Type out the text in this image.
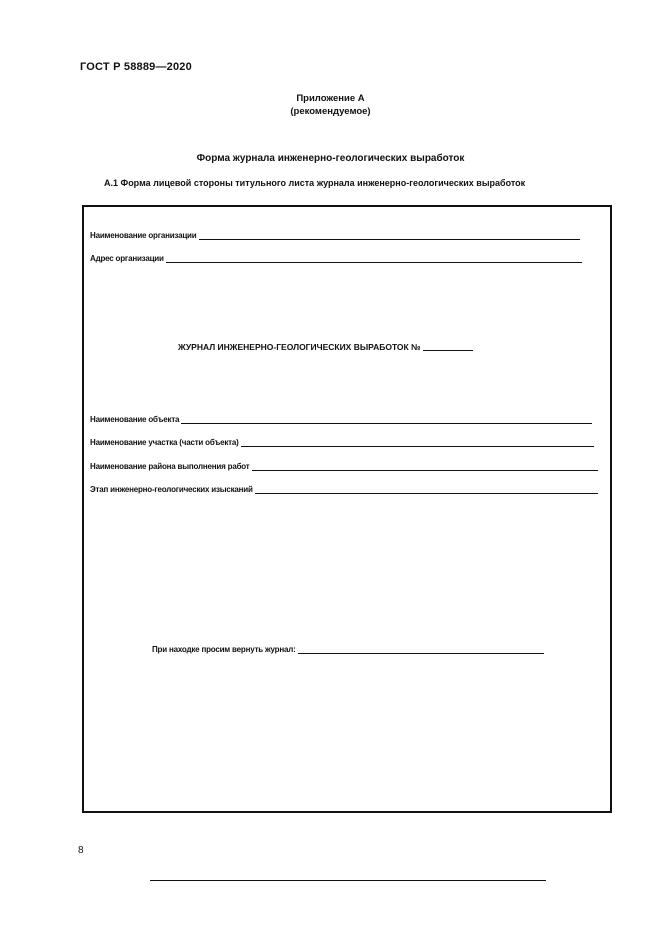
ГОСТ Р 58889—2020
Приложение А
(рекомендуемое)
Форма журнала инженерно-геологических выработок
А.1 Форма лицевой стороны титульного листа журнала инженерно-геологических выработок
Наименование организации
Адрес организации
ЖУРНАЛ ИНЖЕНЕРНО-ГЕОЛОГИЧЕСКИХ ВЫРАБОТОК №
Наименование объекта
Наименование участка (части объекта)
Наименование района выполнения работ
Этап инженерно-геологических изысканий
При находке просим вернуть журнал:
8
